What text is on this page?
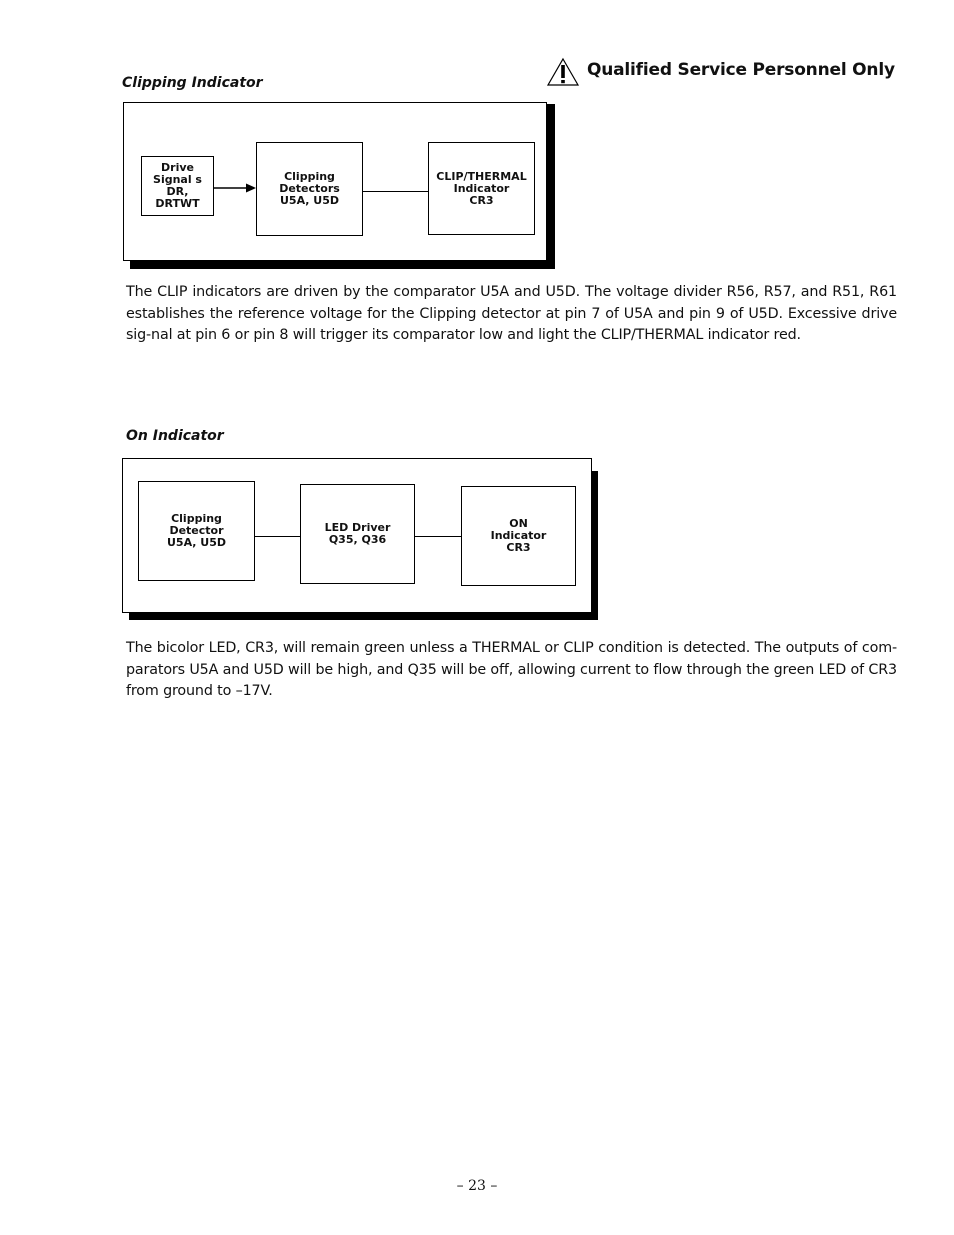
Qualified Service Personnel Only
Clipping Indicator
Drive
Signal s
DR,
DRTWT
Clipping
Detectors
U5A, U5D
CLIP/THERMAL
Indicator
CR3
The CLIP indicators are driven by the comparator U5A and U5D. The voltage divider R56, R57, and R51, R61 establishes the reference voltage for the Clipping detector at pin 7 of U5A and pin 9 of U5D. Excessive drive sig-nal at pin 6 or pin 8 will trigger its comparator low and light the CLIP/THERMAL indicator red.
On Indicator
Clipping
Detector
U5A, U5D
LED Driver
Q35, Q36
ON
Indicator
CR3
The bicolor LED, CR3, will remain green unless a THERMAL or CLIP condition is detected. The outputs of com-parators U5A and U5D will be high, and Q35 will be off, allowing current to flow through the green LED of CR3 from ground to –17V.
– 23 –
